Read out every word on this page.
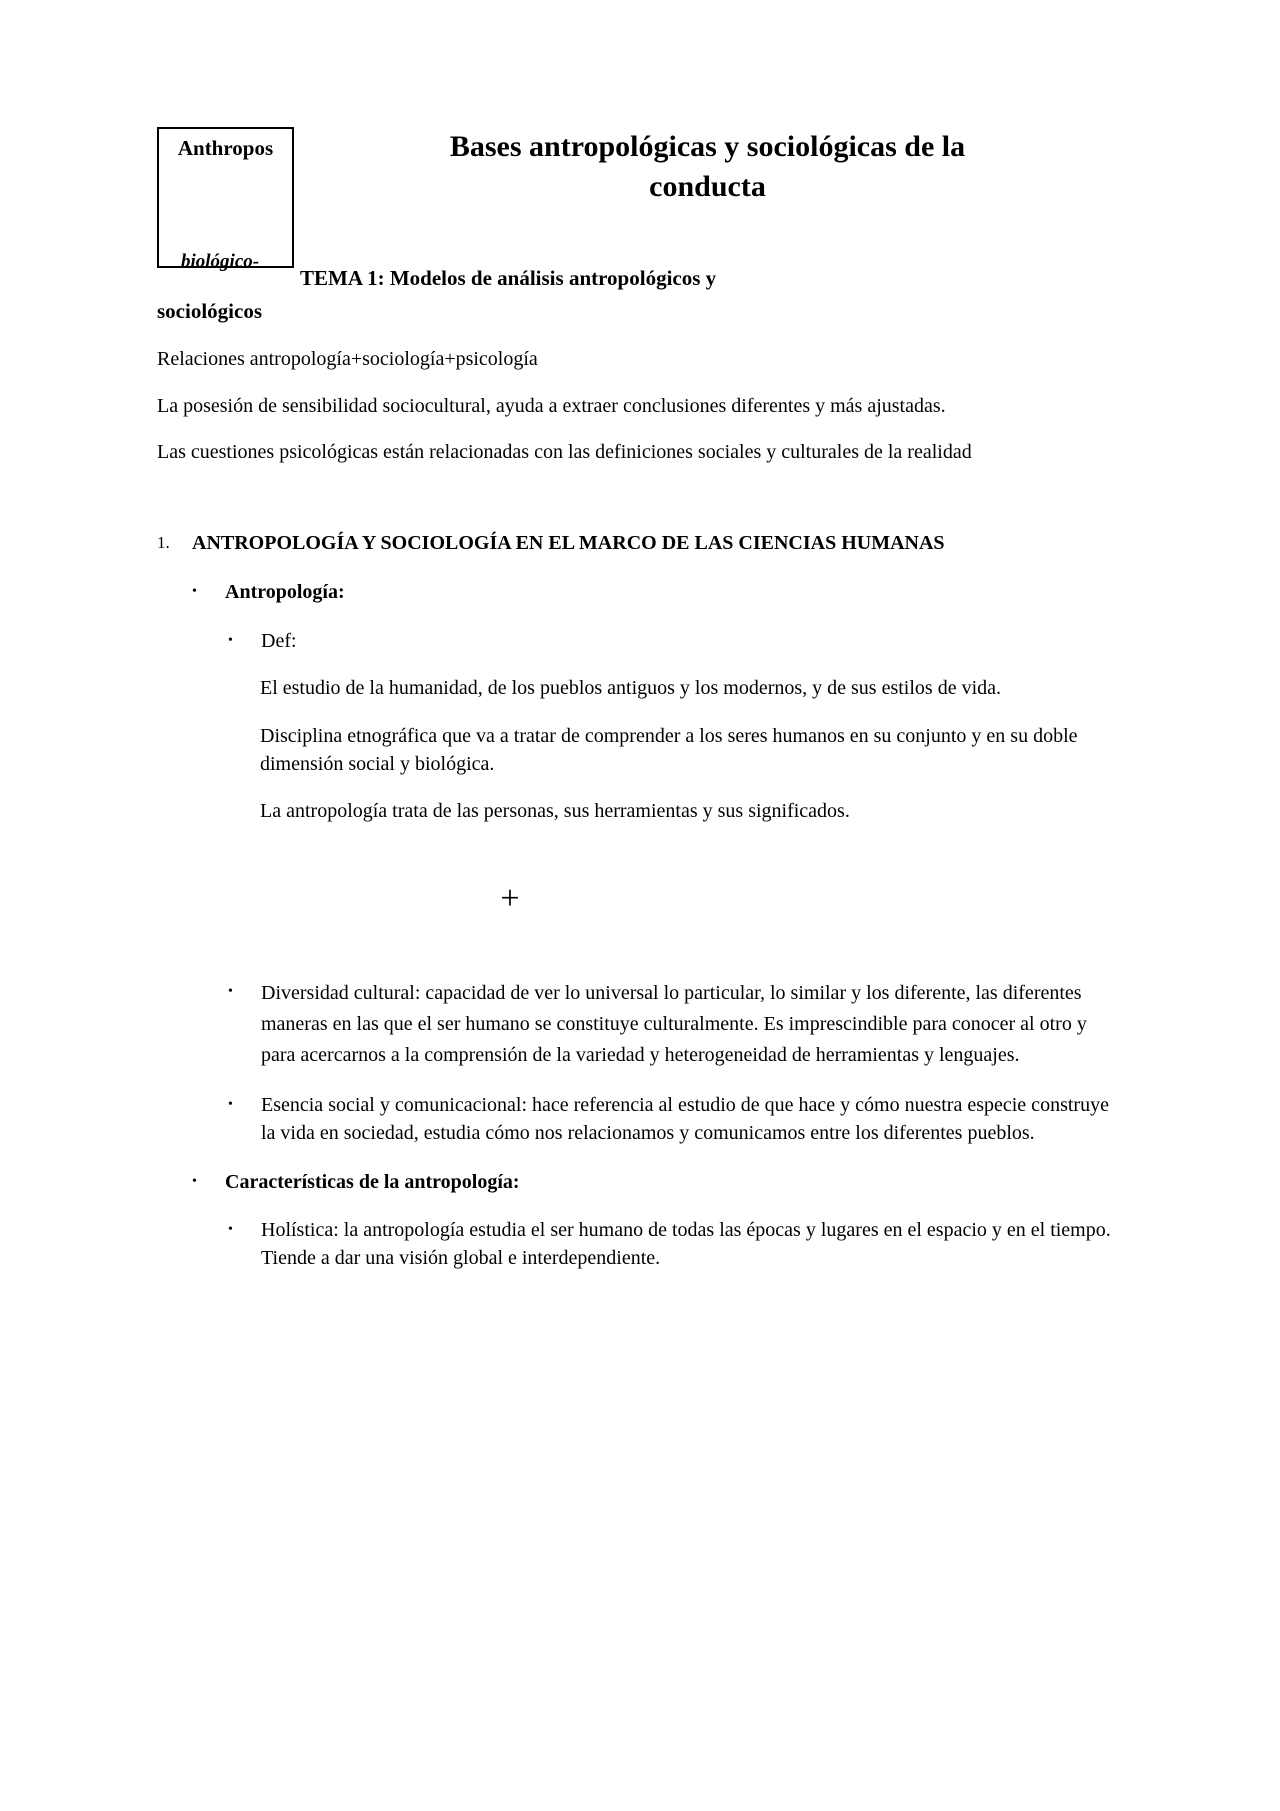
biológico-
Anthropos	Bases antropológicas y sociológicas de la conducta
TEMA 1: Modelos de análisis antropológicos y
sociológicos

Relaciones antropología+sociología+psicología

La posesión de sensibilidad sociocultural, ayuda a extraer conclusiones diferentes y más ajustadas.

Las cuestiones psicológicas están relacionadas con las definiciones sociales y culturales de la realidad

1.	ANTROPOLOGÍA Y SOCIOLOGÍA EN EL MARCO DE LAS CIENCIAS HUMANAS
•	Antropología:
•	Def:

El estudio de la humanidad, de los pueblos antiguos y los modernos, y de sus estilos de vida.

Disciplina etnográfica que va a tratar de comprender a los seres humanos en su conjunto y en su doble dimensión social y biológica.

La antropología trata de las personas, sus herramientas y sus significados.

+
•	Diversidad cultural: capacidad de ver lo universal lo particular, lo similar y los diferente, las diferentes maneras en las que el ser humano se constituye culturalmente. Es imprescindible para conocer al otro y para acercarnos a la comprensión de la variedad y heterogeneidad de herramientas y lenguajes.
•	Esencia social y comunicacional: hace referencia al estudio de que hace y cómo nuestra especie construye la vida en sociedad, estudia cómo nos relacionamos y comunicamos entre los diferentes pueblos.
•	Características de la antropología:
•	Holística: la antropología estudia el ser humano de todas las épocas y lugares en el espacio y en el tiempo. Tiende a dar una visión global e interdependiente.
